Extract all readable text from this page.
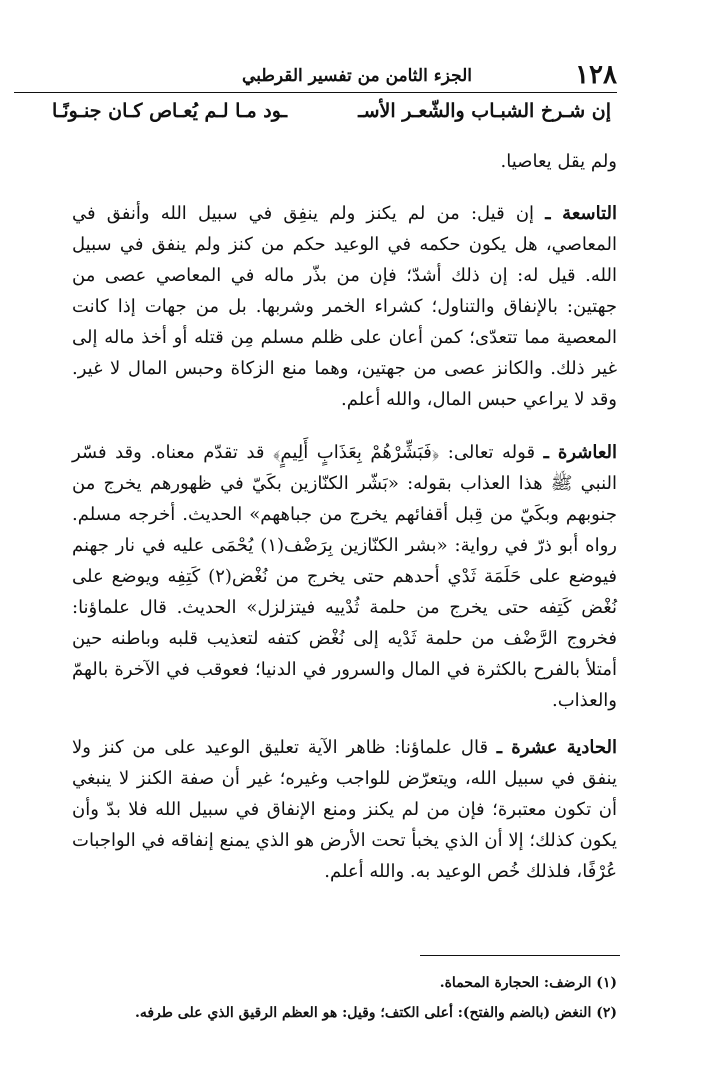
١٢٨
الجزء الثامن من تفسير القرطبي
إن شـرخ الشبـاب والشّعـر الأسـ
ـود مـا لـم يُعـاص كـان جنـونًـا

ولم يقل يعاصيا.

التاسعة ـ إن قيل: من لم يكنز ولم ينفِق في سبيل الله وأنفق في المعاصي، هل يكون حكمه في الوعيد حكم من كنز ولم ينفق في سبيل الله. قيل له: إن ذلك أشدّ؛ فإن من بذّر ماله في المعاصي عصى من جهتين: بالإنفاق والتناول؛ كشراء الخمر وشربها. بل من جهات إذا كانت المعصية مما تتعدّى؛ كمن أعان على ظلم مسلم مِن قتله أو أخذ ماله إلى غير ذلك. والكانز عصى من جهتين، وهما منع الزكاة وحبس المال لا غير. وقد لا يراعي حبس المال، والله أعلم.

العاشرة ـ قوله تعالى: ﴿فَبَشِّرْهُمْ بِعَذَابٍ أَلِيمٍ﴾ قد تقدّم معناه. وقد فسّر النبي ﷺ هذا العذاب بقوله: «بَشّر الكنّازين بكَيّ في ظهورهم يخرج من جنوبهم وبكَيّ من قِبل أقفائهم يخرج من جباههم» الحديث. أخرجه مسلم. رواه أبو ذرّ في رواية: «بشر الكنّازين بِرَضْف(١) يُحْمَى عليه في نار جهنم فيوضع على حَلَمَة ثَدْي أحدهم حتى يخرج من نُغْض(٢) كَتِفِه ويوضع على نُغْض كَتِفه حتى يخرج من حلمة ثُدْييه فيتزلزل» الحديث. قال علماؤنا: فخروج الرَّضْف من حلمة ثَدْيه إلى نُغْض كتفه لتعذيب قلبه وباطنه حين أمتلأ بالفرح بالكثرة في المال والسرور في الدنيا؛ فعوقب في الآخرة بالهمّ والعذاب.

الحادية عشرة ـ قال علماؤنا: ظاهر الآية تعليق الوعيد على من كنز ولا ينفق في سبيل الله، ويتعرّض للواجب وغيره؛ غير أن صفة الكنز لا ينبغي أن تكون معتبرة؛ فإن من لم يكنز ومنع الإنفاق في سبيل الله فلا بدّ وأن يكون كذلك؛ إلا أن الذي يخبأ تحت الأرض هو الذي يمنع إنفاقه في الواجبات عُرْفًا، فلذلك خُص الوعيد به. والله أعلم.

(١) الرضف: الحجارة المحماة.

(٢) النغض (بالضم والفتح): أعلى الكتف؛ وقيل: هو العظم الرقيق الذي على طرفه.
